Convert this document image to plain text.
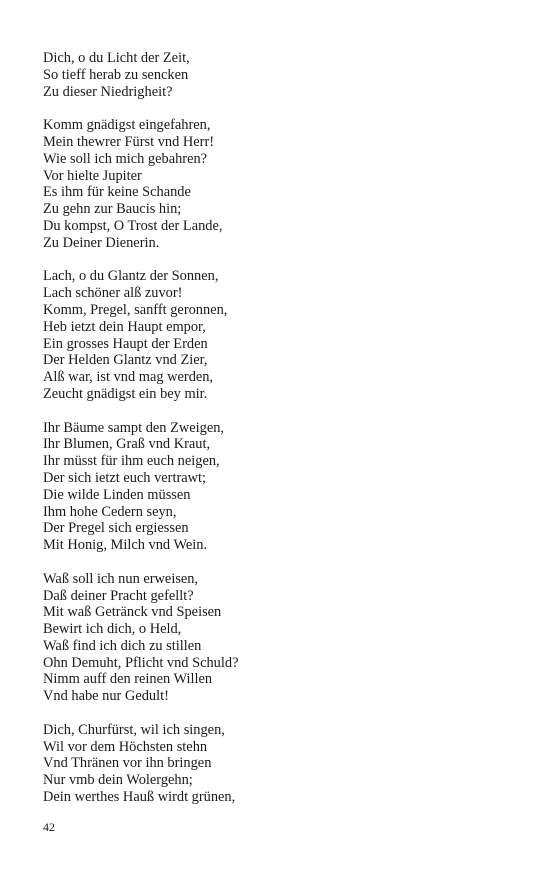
Dich, o du Licht der Zeit,
So tieff herab zu sencken
Zu dieser Niedrigheit?
Komm gnädigst eingefahren,
Mein thewrer Fürst vnd Herr!
Wie soll ich mich gebahren?
Vor hielte Jupiter
Es ihm für keine Schande
Zu gehn zur Baucis hin;
Du kompst, O Trost der Lande,
Zu Deiner Dienerin.
Lach, o du Glantz der Sonnen,
Lach schöner alß zuvor!
Komm, Pregel, sanfft geronnen,
Heb ietzt dein Haupt empor,
Ein grosses Haupt der Erden
Der Helden Glantz vnd Zier,
Alß war, ist vnd mag werden,
Zeucht gnädigst ein bey mir.
Ihr Bäume sampt den Zweigen,
Ihr Blumen, Graß vnd Kraut,
Ihr müsst für ihm euch neigen,
Der sich ietzt euch vertrawt;
Die wilde Linden müssen
Ihm hohe Cedern seyn,
Der Pregel sich ergiessen
Mit Honig, Milch vnd Wein.
Waß soll ich nun erweisen,
Daß deiner Pracht gefellt?
Mit waß Getränck vnd Speisen
Bewirt ich dich, o Held,
Waß find ich dich zu stillen
Ohn Demuht, Pflicht vnd Schuld?
Nimm auff den reinen Willen
Vnd habe nur Gedult!
Dich, Churfürst, wil ich singen,
Wil vor dem Höchsten stehn
Vnd Thränen vor ihn bringen
Nur vmb dein Wolergehn;
Dein werthes Hauß wirdt grünen,
42
